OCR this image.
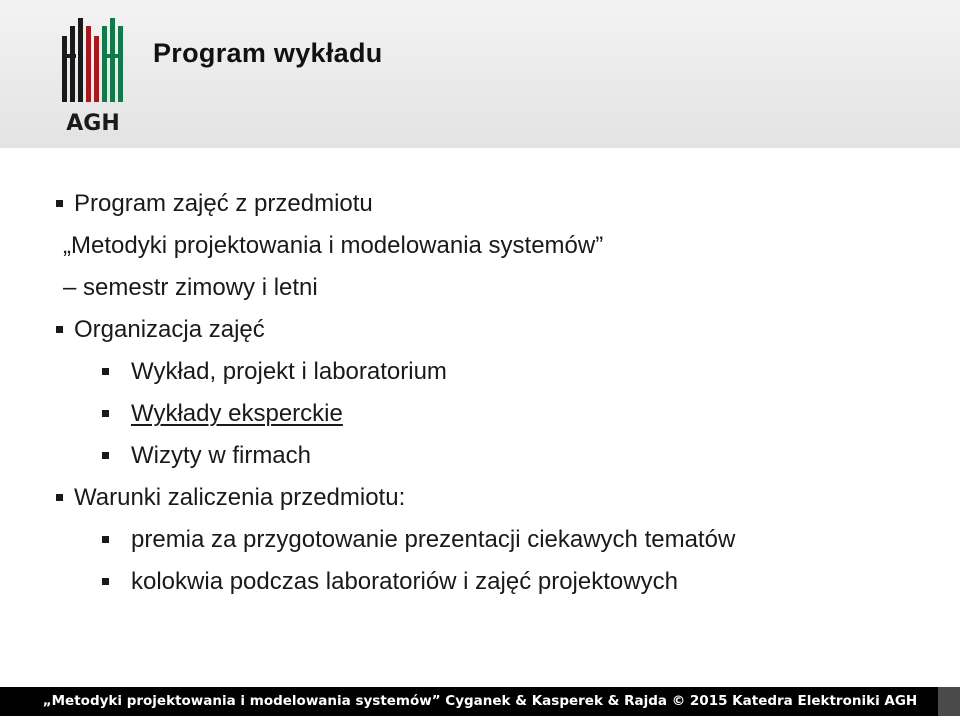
AGH
Program wykładu
Program zajęć z przedmiotu
„Metodyki projektowania i modelowania systemów”
– semestr zimowy i letni
Organizacja zajęć
Wykład, projekt i laboratorium
Wykłady eksperckie
Wizyty w firmach
Warunki zaliczenia przedmiotu:
premia za przygotowanie prezentacji ciekawych tematów
kolokwia podczas laboratoriów i zajęć projektowych
„Metodyki projektowania i modelowania systemów” Cyganek & Kasperek & Rajda © 2015 Katedra Elektroniki AGH
